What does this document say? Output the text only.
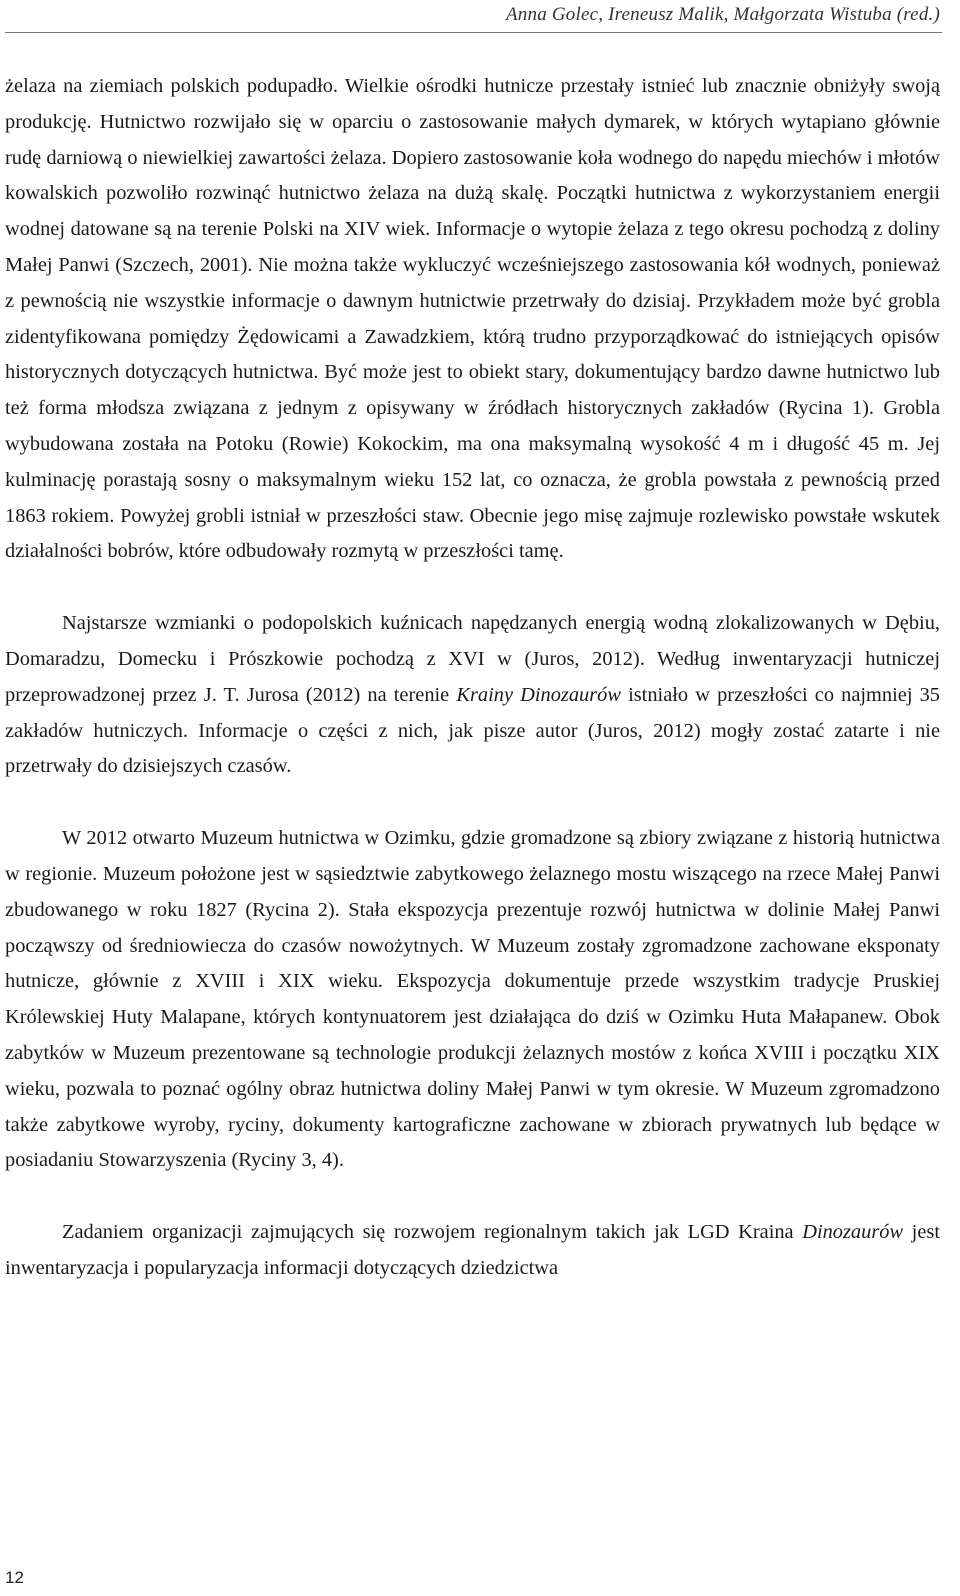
Anna Golec, Ireneusz Malik, Małgorzata Wistuba (red.)

żelaza na ziemiach polskich podupadło. Wielkie ośrodki hutnicze przestały istnieć lub znacznie obniżyły swoją produkcję. Hutnictwo rozwijało się w oparciu o zastosowanie małych dymarek, w których wytapiano głównie rudę darniową o niewielkiej zawartości żelaza. Dopiero zastosowanie koła wodnego do napędu miechów i młotów kowalskich pozwoliło rozwinąć hutnictwo żelaza na dużą skalę. Początki hutnictwa z wykorzystaniem energii wodnej datowane są na terenie Polski na XIV wiek. Informacje o wytopie żelaza z tego okresu pochodzą z doliny Małej Panwi (Szczech, 2001). Nie można także wykluczyć wcześniejszego zastosowania kół wodnych, ponieważ z pewnością nie wszystkie informacje o dawnym hutnictwie przetrwały do dzisiaj. Przykładem może być grobla zidentyfikowana pomiędzy Żędowicami a Zawadzkiem, którą trudno przyporządkować do istniejących opisów historycznych dotyczących hutnictwa. Być może jest to obiekt stary, dokumentujący bardzo dawne hutnictwo lub też forma młodsza związana z jednym z opisywany w źródłach historycznych zakładów (Rycina 1). Grobla wybudowana została na Potoku (Rowie) Kokockim, ma ona maksymalną wysokość 4 m i długość 45 m. Jej kulminację porastają sosny o maksymalnym wieku 152 lat, co oznacza, że grobla powstała z pewnością przed 1863 rokiem. Powyżej grobli istniał w przeszłości staw. Obecnie jego misę zajmuje rozlewisko powstałe wskutek działalności bobrów, które odbudowały rozmytą w przeszłości tamę.

Najstarsze wzmianki o podopolskich kuźnicach napędzanych energią wodną zlokalizowanych w Dębiu, Domaradzu, Domecku i Prószkowie pochodzą z XVI w (Juros, 2012). Według inwentaryzacji hutniczej przeprowadzonej przez J. T. Jurosa (2012) na terenie Krainy Dinozaurów istniało w przeszłości co najmniej 35 zakładów hutniczych. Informacje o części z nich, jak pisze autor (Juros, 2012) mogły zostać zatarte i nie przetrwały do dzisiejszych czasów.

W 2012 otwarto Muzeum hutnictwa w Ozimku, gdzie gromadzone są zbiory związane z historią hutnictwa w regionie. Muzeum położone jest w sąsiedztwie zabytkowego żelaznego mostu wiszącego na rzece Małej Panwi zbudowanego w roku 1827 (Rycina 2). Stała ekspozycja prezentuje rozwój hutnictwa w dolinie Małej Panwi począwszy od średniowiecza do czasów nowożytnych. W Muzeum zostały zgromadzone zachowane eksponaty hutnicze, głównie z XVIII i XIX wieku. Ekspozycja dokumentuje przede wszystkim tradycje Pruskiej Królewskiej Huty Malapane, których kontynuatorem jest działająca do dziś w Ozimku Huta Małapanew. Obok zabytków w Muzeum prezentowane są technologie produkcji żelaznych mostów z końca XVIII i początku XIX wieku, pozwala to poznać ogólny obraz hutnictwa doliny Małej Panwi w tym okresie. W Muzeum zgromadzono także zabytkowe wyroby, ryciny, dokumenty kartograficzne zachowane w zbiorach prywatnych lub będące w posiadaniu Stowarzyszenia (Ryciny 3, 4).

Zadaniem organizacji zajmujących się rozwojem regionalnym takich jak LGD Kraina Dinozaurów jest inwentaryzacja i popularyzacja informacji dotyczących dziedzictwa

12
